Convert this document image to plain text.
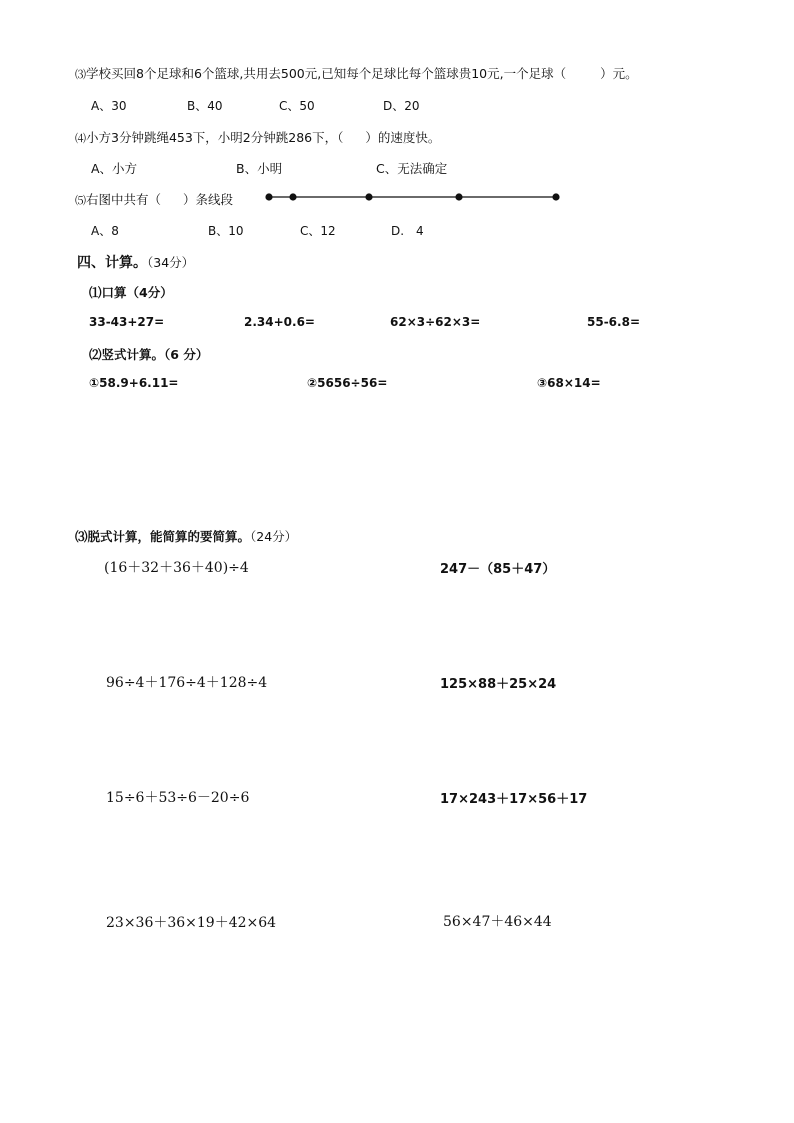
⑶学校买回8个足球和6个篮球,共用去500元,已知每个足球比每个篮球贵10元,一个足球（	）元。
A、30	B、40	C、50	D、20
⑷小方3分钟跳绳453下，小明2分钟跳286下，（ ）的速度快。
A、小方	B、小明	C、无法确定
⑸右图中共有（ ）条线段
A、8	B、10	C、12	D.　4
四、计算。（34分）
⑴口算（4分）
33-43+27=	2.34+0.6=	62×3÷62×3=	55-6.8=
⑵竖式计算。（6 分）
①58.9+6.11=	②5656÷56=	③68×14=
⑶脱式计算，能简算的要简算。（24分）
(16＋32＋36＋40)÷4	247－（85＋47）
96÷4＋176÷4＋128÷4	125×88＋25×24
15÷6＋53÷6－20÷6	17×243＋17×56＋17
23×36＋36×19＋42×64	56×47＋46×44
